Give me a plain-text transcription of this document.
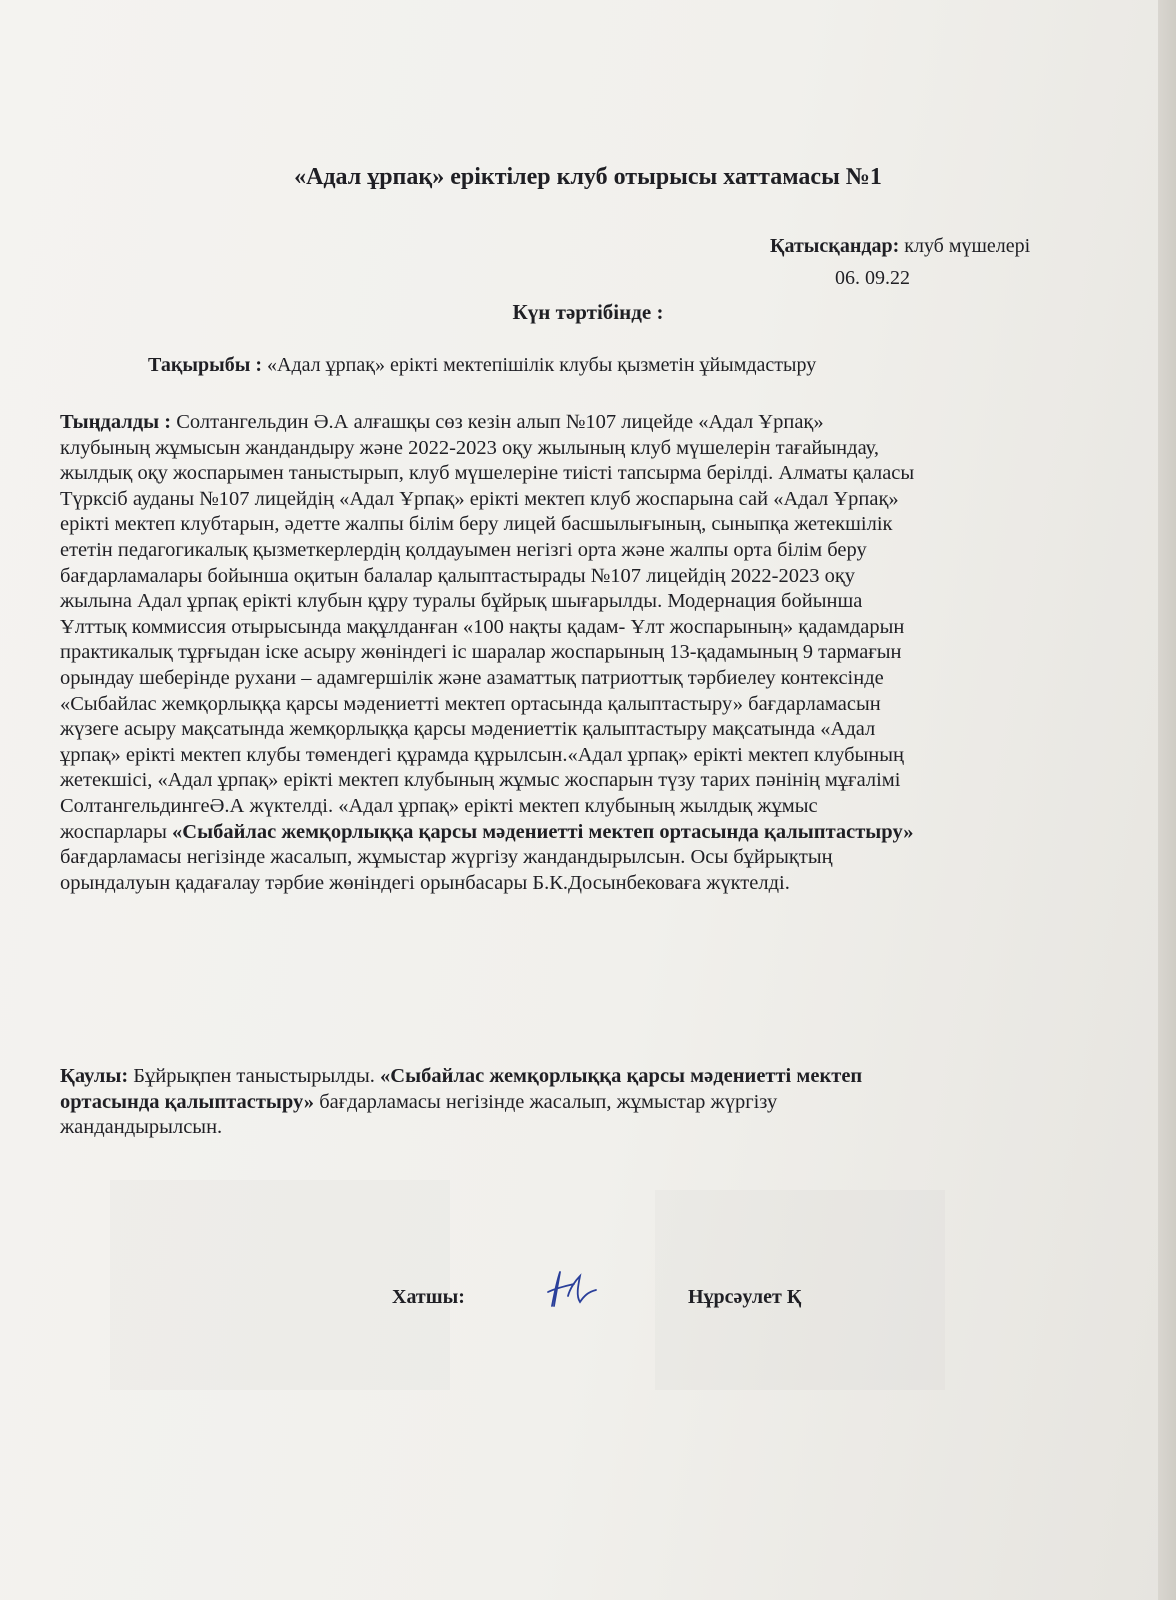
«Адал ұрпақ» еріктілер клуб отырысы хаттамасы №1
Қатысқандар: клуб мүшелері
06. 09.22
Күн тәртібінде :
Тақырыбы : «Адал ұрпақ» ерікті мектепішілік клубы қызметін ұйымдастыру
Тыңдалды : Солтангельдин Ә.А алғашқы сөз кезін алып №107 лицейде «Адал Ұрпақ»
клубының жұмысын жандандыру және 2022-2023 оқу жылының клуб мүшелерін тағайындау,
жылдық оқу жоспарымен таныстырып, клуб мүшелеріне тиісті тапсырма берілді. Алматы қаласы
Түрксіб ауданы №107 лицейдің «Адал Ұрпақ» ерікті мектеп клуб жоспарына сай «Адал Ұрпақ»
ерікті мектеп клубтарын, әдетте жалпы білім беру лицей басшылығының, сыныпқа жетекшілік
ететін педагогикалық қызметкерлердің қолдауымен негізгі орта және жалпы орта білім беру
бағдарламалары бойынша оқитын балалар қалыптастырады №107 лицейдің 2022-2023 оқу
жылына Адал ұрпақ ерікті клубын құру туралы бұйрық шығарылды. Модернация бойынша
Ұлттық коммиссия отырысында мақұлданған «100 нақты қадам- Ұлт жоспарының» қадамдарын
практикалық тұрғыдан іске асыру жөніндегі іс шаралар жоспарының 13-қадамының 9 тармағын
орындау шеберінде рухани – адамгершілік және азаматтық патриоттық тәрбиелеу контексінде
«Сыбайлас жемқорлыққа қарсы мәдениетті мектеп ортасында қалыптастыру» бағдарламасын
жүзеге асыру мақсатында жемқорлыққа қарсы мәдениеттік қалыптастыру мақсатында «Адал
ұрпақ» ерікті мектеп клубы төмендегі құрамда құрылсын.«Адал ұрпақ» ерікті мектеп клубының
жетекшісі, «Адал ұрпақ» ерікті мектеп клубының жұмыс жоспарын түзу тарих пәнінің мұғалімі
СолтангельдингеӘ.А жүктелді. «Адал ұрпақ» ерікті мектеп клубының жылдық жұмыс
жоспарлары «Сыбайлас жемқорлыққа қарсы мәдениетті мектеп ортасында қалыптастыру»
бағдарламасы негізінде жасалып, жұмыстар жүргізу жандандырылсын. Осы бұйрықтың
орындалуын қадағалау тәрбие жөніндегі орынбасары Б.К.Досынбековаға жүктелді.
Қаулы: Бұйрықпен таныстырылды. «Сыбайлас жемқорлыққа қарсы мәдениетті мектеп
ортасында қалыптастыру» бағдарламасы негізінде жасалып, жұмыстар жүргізу
жандандырылсын.
Хатшы:	Нұрсәулет Қ
